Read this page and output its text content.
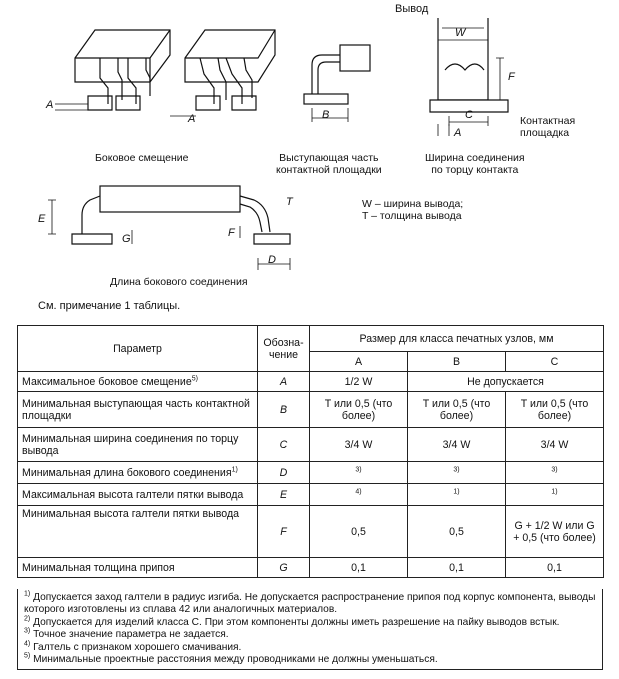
Вывод
W
F
C
A
A
A	B
E
G
T
F
D
Контактная площадка
Боковое смещение	Выступающая часть
контактной площадки
Ширина соединения
по торцу контакта
W – ширина вывода;
T – толщина вывода
Длина бокового соединения
См. примечание 1 таблицы.
Параметр	Обозна- чение	Размер для класса печатных узлов, мм		
		А	В	С
Максимальное боковое смещение$^{5)}$	A	1/2 W	Не допускается	
Минимальная выступающая часть контактной площадки	B	T или 0,5 (что более)	T или 0,5 (что более)	T или 0,5 (что более)
Минимальная ширина соединения по торцу вывода	C	3/4 W	3/4 W	3/4 W
Минимальная длина бокового соединения$^{1)}$	D	$^{3)}$	$^{3)}$	$^{3)}$
Максимальная высота галтели пятки вывода	E	$^{4)}$	$^{1)}$	$^{1)}$
Минимальная высота галтели пятки вывода	F	0,5	0,5	G + 1/2 W или G + 0,5 (что более)
Минимальная толщина припоя	G	0,1	0,1	0,1
$^{1)}$ Допускается заход галтели в радиус изгиба. Не допускается распространение припоя под корпус компонента, выводы которого изготовлены из сплава 42 или аналогичных материалов.
$^{2)}$ Допускается для изделий класса С. При этом компоненты должны иметь разрешение на пайку выводов встык.
$^{3)}$ Точное значение параметра не задается.
$^{4)}$ Галтель с признаком хорошего смачивания.
$^{5)}$ Минимальные проектные расстояния между проводниками не должны уменьшаться.
